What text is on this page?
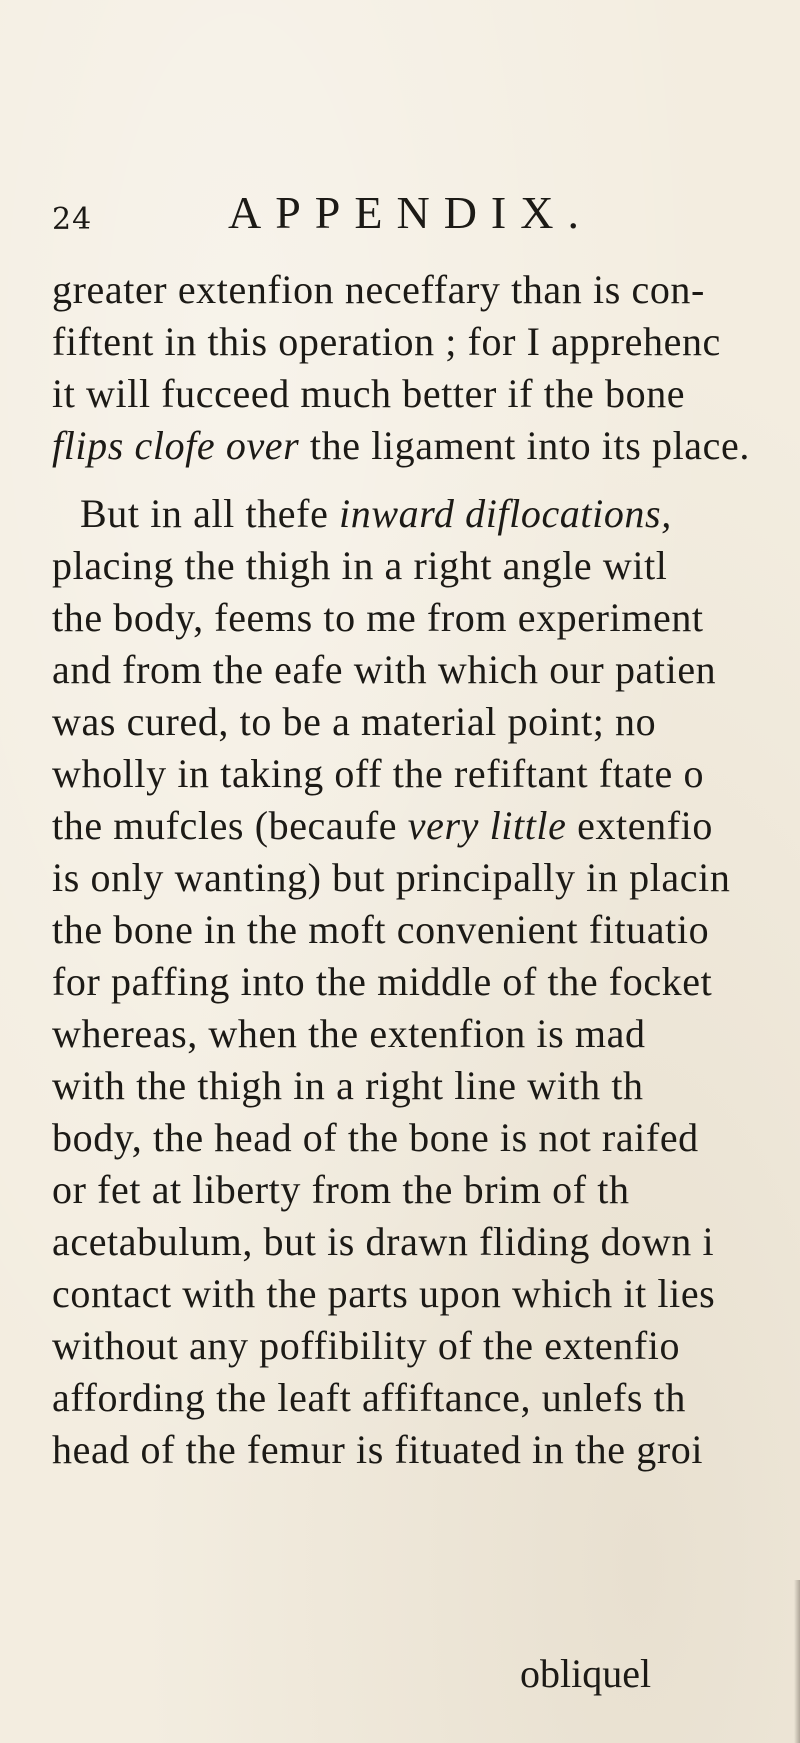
24	APPENDIX.
greater extenfion neceffary than is con-
fiftent in this operation ; for I apprehenc
it will fucceed much better if the bone
flips clofe over the ligament into its place.
But in all thefe inward diflocations,
placing the thigh in a right angle witl
the body, feems to me from experiment
and from the eafe with which our patien
was cured, to be a material point; no
wholly in taking off the refiftant ftate o
the mufcles (becaufe very little extenfio
is only wanting) but principally in placin
the bone in the moft convenient fituatio
for paffing into the middle of the focket
whereas, when the extenfion is mad
with the thigh in a right line with th
body, the head of the bone is not raifed
or fet at liberty from the brim of th
acetabulum, but is drawn fliding down i
contact with the parts upon which it lies
without any poffibility of the extenfio
affording the leaft affiftance, unlefs th
head of the femur is fituated in the groi
obliquel
